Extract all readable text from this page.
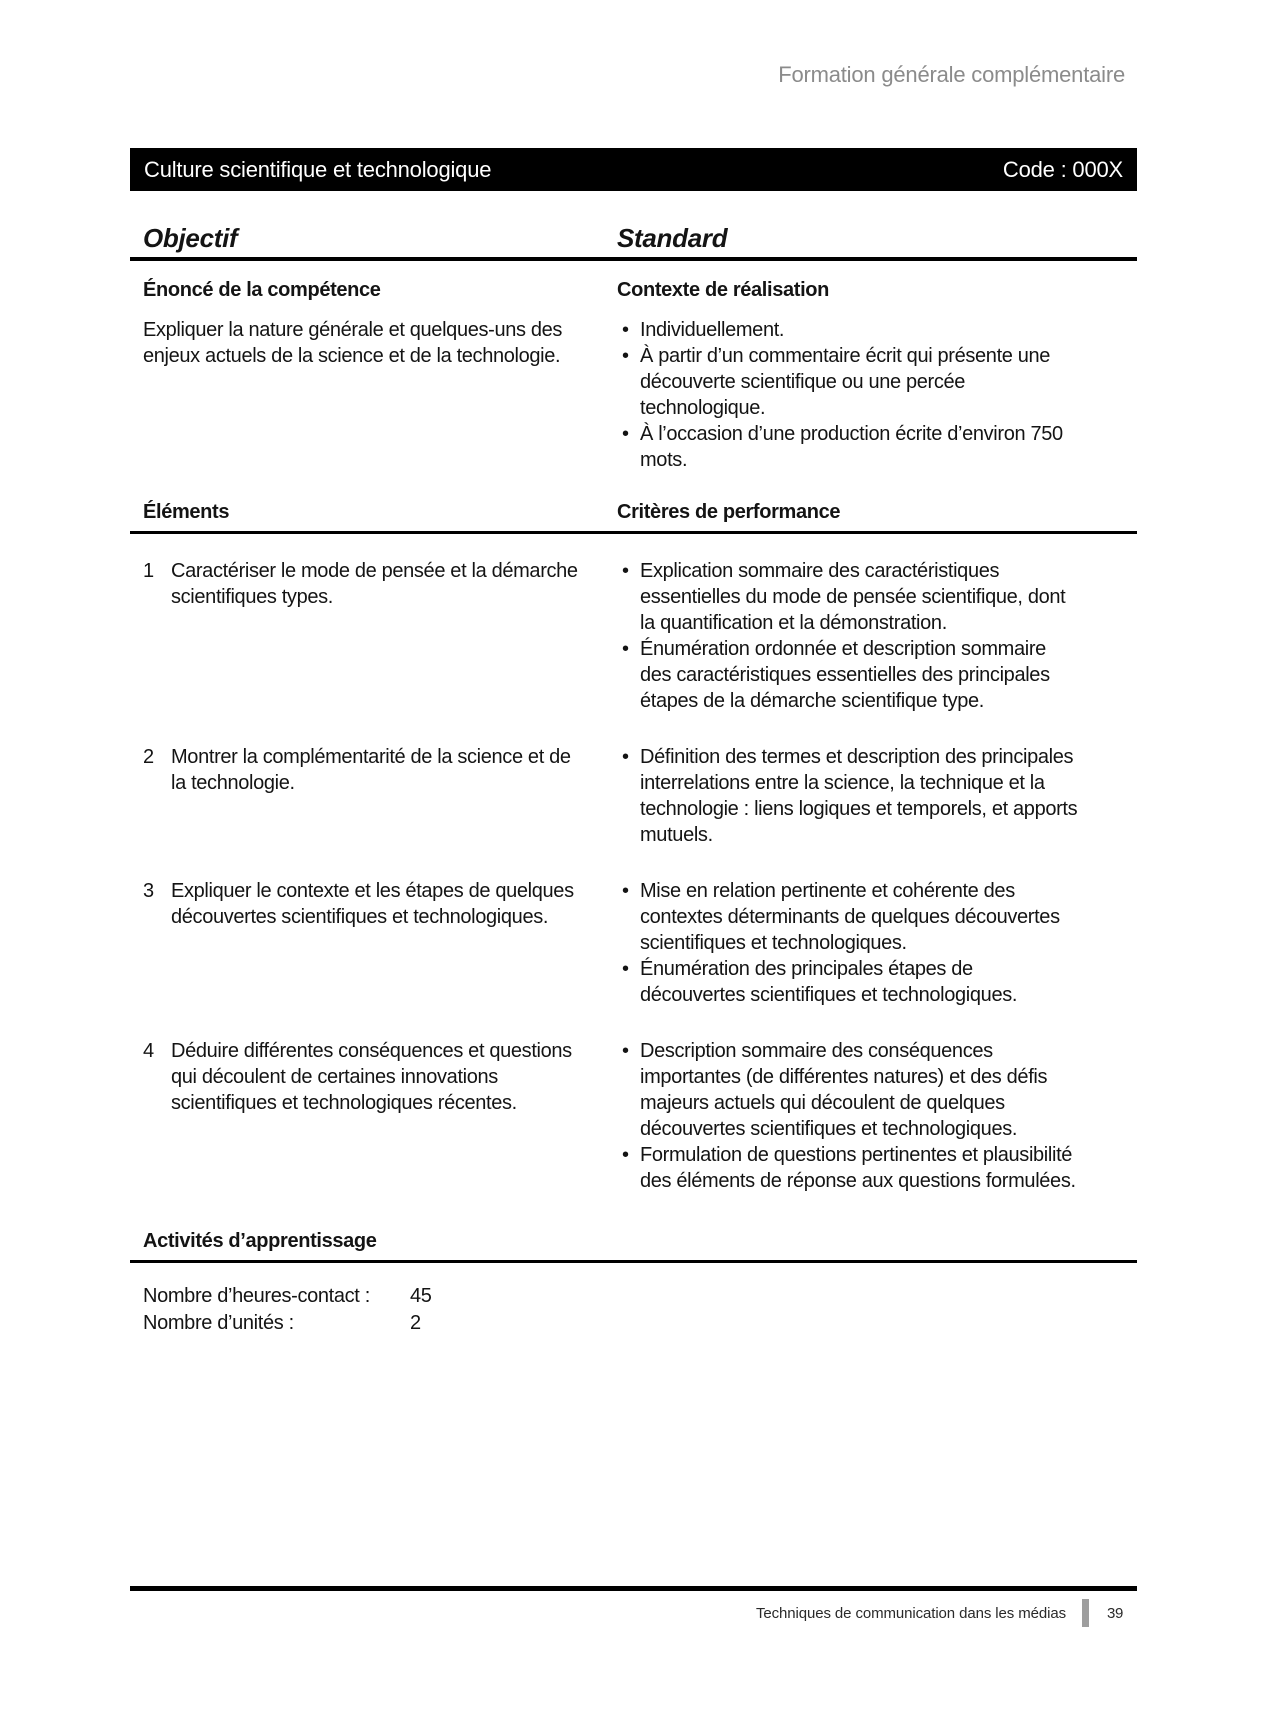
Formation générale complémentaire
Culture scientifique et technologique	Code : 000X
Objectif	Standard
Énoncé de la compétence

Expliquer la nature générale et quelques-uns des enjeux actuels de la science et de la technologie.

Contexte de réalisation
• Individuellement.
• À partir d’un commentaire écrit qui présente une découverte scientifique ou une percée technologique.
• À l’occasion d’une production écrite d’environ 750 mots.
Éléments	Critères de performance
1 Caractériser le mode de pensée et la démarche scientifiques types.

• Explication sommaire des caractéristiques essentielles du mode de pensée scientifique, dont la quantification et la démonstration.
• Énumération ordonnée et description sommaire des caractéristiques essentielles des principales étapes de la démarche scientifique type.
2 Montrer la complémentarité de la science et de la technologie.

• Définition des termes et description des principales interrelations entre la science, la technique et la technologie : liens logiques et temporels, et apports mutuels.
3 Expliquer le contexte et les étapes de quelques découvertes scientifiques et technologiques.

• Mise en relation pertinente et cohérente des contextes déterminants de quelques découvertes scientifiques et technologiques.
• Énumération des principales étapes de découvertes scientifiques et technologiques.
4 Déduire différentes conséquences et questions qui découlent de certaines innovations scientifiques et technologiques récentes.

• Description sommaire des conséquences importantes (de différentes natures) et des défis majeurs actuels qui découlent de quelques découvertes scientifiques et technologiques.
• Formulation de questions pertinentes et plausibilité des éléments de réponse aux questions formulées.
Activités d’apprentissage
Nombre d’heures-contact :	45
Nombre d’unités :	2
Techniques de communication dans les médias	39
